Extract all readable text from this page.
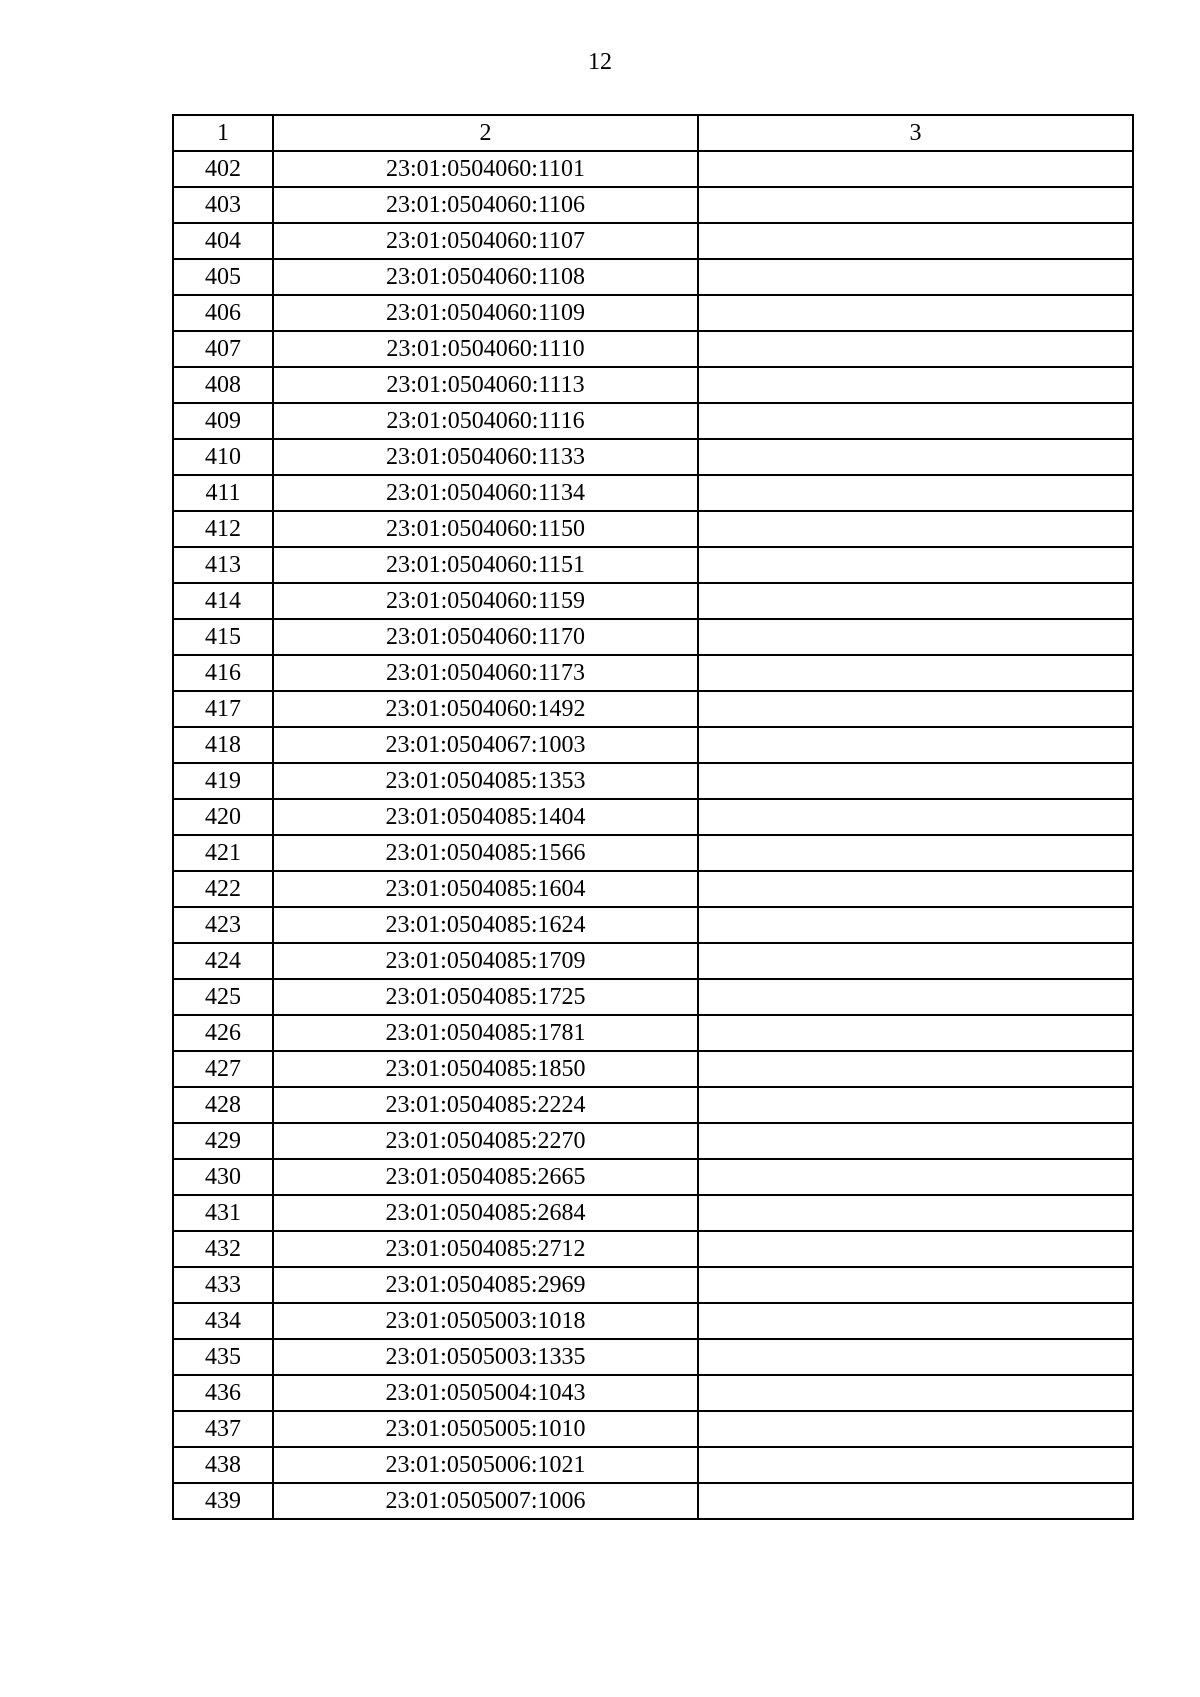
12
1	2	3
402	23:01:0504060:1101	
403	23:01:0504060:1106	
404	23:01:0504060:1107	
405	23:01:0504060:1108	
406	23:01:0504060:1109	
407	23:01:0504060:1110	
408	23:01:0504060:1113	
409	23:01:0504060:1116	
410	23:01:0504060:1133	
411	23:01:0504060:1134	
412	23:01:0504060:1150	
413	23:01:0504060:1151	
414	23:01:0504060:1159	
415	23:01:0504060:1170	
416	23:01:0504060:1173	
417	23:01:0504060:1492	
418	23:01:0504067:1003	
419	23:01:0504085:1353	
420	23:01:0504085:1404	
421	23:01:0504085:1566	
422	23:01:0504085:1604	
423	23:01:0504085:1624	
424	23:01:0504085:1709	
425	23:01:0504085:1725	
426	23:01:0504085:1781	
427	23:01:0504085:1850	
428	23:01:0504085:2224	
429	23:01:0504085:2270	
430	23:01:0504085:2665	
431	23:01:0504085:2684	
432	23:01:0504085:2712	
433	23:01:0504085:2969	
434	23:01:0505003:1018	
435	23:01:0505003:1335	
436	23:01:0505004:1043	
437	23:01:0505005:1010	
438	23:01:0505006:1021	
439	23:01:0505007:1006	
